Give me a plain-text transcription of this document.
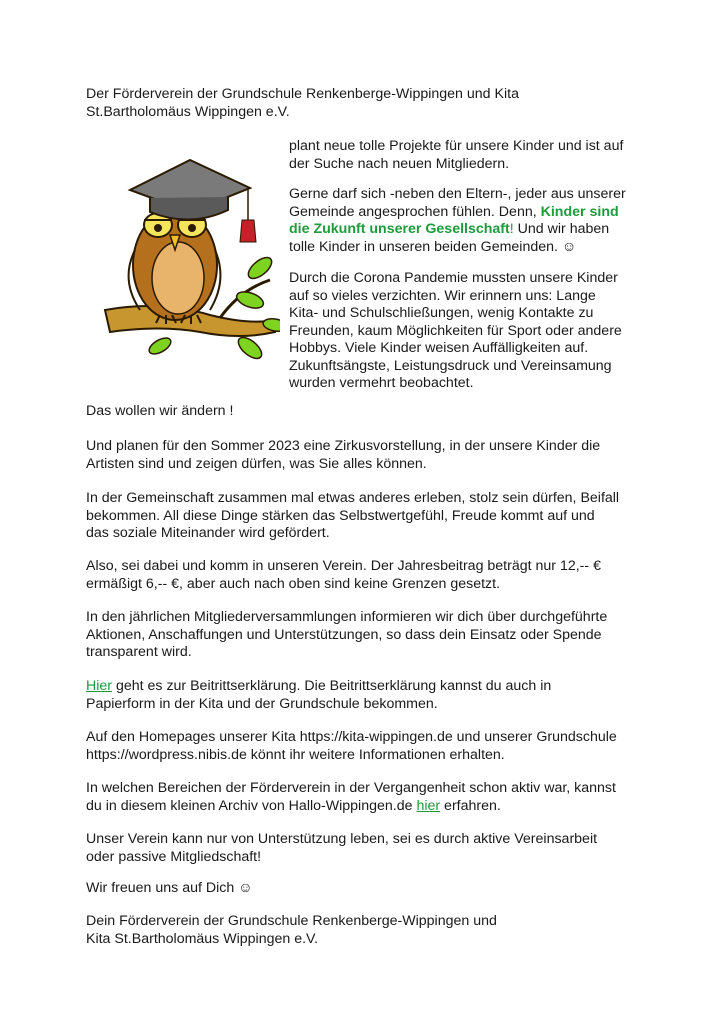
Der Förderverein der Grundschule Renkenberge-Wippingen und Kita
St.Bartholomäus Wippingen e.V.

plant neue tolle Projekte für unsere Kinder und ist auf
der Suche nach neuen Mitgliedern.

Gerne darf sich -neben den Eltern-, jeder aus unserer
Gemeinde angesprochen fühlen. Denn, Kinder sind
die Zukunft unserer Gesellschaft! Und wir haben
tolle Kinder in unseren beiden Gemeinden. ☺

Durch die Corona Pandemie mussten unsere Kinder
auf so vieles verzichten. Wir erinnern uns: Lange
Kita- und Schulschließungen, wenig Kontakte zu
Freunden, kaum Möglichkeiten für Sport oder andere
Hobbys. Viele Kinder weisen Auffälligkeiten auf.
Zukunftsängste, Leistungsdruck und Vereinsamung
wurden vermehrt beobachtet.

Das wollen wir ändern !

Und planen für den Sommer 2023 eine Zirkusvorstellung, in der unsere Kinder die
Artisten sind und zeigen dürfen, was Sie alles können.

In der Gemeinschaft zusammen mal etwas anderes erleben, stolz sein dürfen, Beifall
bekommen. All diese Dinge stärken das Selbstwertgefühl, Freude kommt auf und
das soziale Miteinander wird gefördert.

Also, sei dabei und komm in unseren Verein. Der Jahresbeitrag beträgt nur 12,-- €
ermäßigt 6,-- €, aber auch nach oben sind keine Grenzen gesetzt.

In den jährlichen Mitgliederversammlungen informieren wir dich über durchgeführte
Aktionen, Anschaffungen und Unterstützungen, so dass dein Einsatz oder Spende
transparent wird.

Hier geht es zur Beitrittserklärung. Die Beitrittserklärung kannst du auch in
Papierform in der Kita und der Grundschule bekommen.

Auf den Homepages unserer Kita https://kita-wippingen.de und unserer Grundschule
https://wordpress.nibis.de könnt ihr weitere Informationen erhalten.

In welchen Bereichen der Förderverein in der Vergangenheit schon aktiv war, kannst
du in diesem kleinen Archiv von Hallo-Wippingen.de hier erfahren.

Unser Verein kann nur von Unterstützung leben, sei es durch aktive Vereinsarbeit
oder passive Mitgliedschaft!

Wir freuen uns auf Dich ☺

Dein Förderverein der Grundschule Renkenberge-Wippingen und
Kita St.Bartholomäus Wippingen e.V.
